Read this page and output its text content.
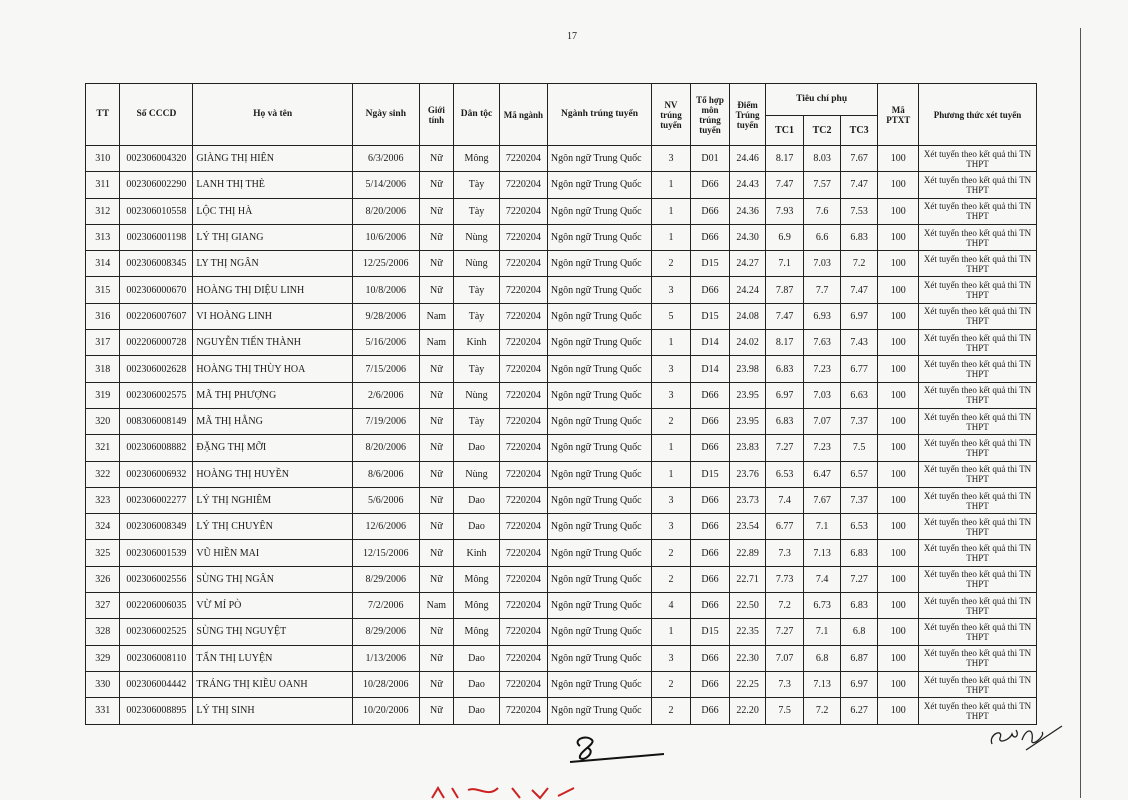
17
TT	Số CCCD	Họ và tên	Ngày sinh	Giới tính	Dân tộc	Mã ngành	Ngành trúng tuyển	NV trúng tuyển	Tổ hợp môn trúng tuyển	Điểm Trúng tuyển	Tiêu chí phụ			Mã PTXT	Phương thức xét tuyển
											TC1	TC2	TC3		
310	002306004320	GIÀNG THỊ HIÊN	6/3/2006	Nữ	Mông	7220204	Ngôn ngữ Trung Quốc	3	D01	24.46	8.17	8.03	7.67	100	Xét tuyển theo kết quả thi TN THPT
311	002306002290	LANH THỊ THÈ	5/14/2006	Nữ	Tày	7220204	Ngôn ngữ Trung Quốc	1	D66	24.43	7.47	7.57	7.47	100	Xét tuyển theo kết quả thi TN THPT
312	002306010558	LỘC THỊ HÀ	8/20/2006	Nữ	Tày	7220204	Ngôn ngữ Trung Quốc	1	D66	24.36	7.93	7.6	7.53	100	Xét tuyển theo kết quả thi TN THPT
313	002306001198	LÝ THỊ GIANG	10/6/2006	Nữ	Nùng	7220204	Ngôn ngữ Trung Quốc	1	D66	24.30	6.9	6.6	6.83	100	Xét tuyển theo kết quả thi TN THPT
314	002306008345	LY THỊ NGÂN	12/25/2006	Nữ	Nùng	7220204	Ngôn ngữ Trung Quốc	2	D15	24.27	7.1	7.03	7.2	100	Xét tuyển theo kết quả thi TN THPT
315	002306000670	HOÀNG THỊ DIỆU LINH	10/8/2006	Nữ	Tày	7220204	Ngôn ngữ Trung Quốc	3	D66	24.24	7.87	7.7	7.47	100	Xét tuyển theo kết quả thi TN THPT
316	002206007607	VI HOÀNG LINH	9/28/2006	Nam	Tày	7220204	Ngôn ngữ Trung Quốc	5	D15	24.08	7.47	6.93	6.97	100	Xét tuyển theo kết quả thi TN THPT
317	002206000728	NGUYỄN TIẾN THÀNH	5/16/2006	Nam	Kinh	7220204	Ngôn ngữ Trung Quốc	1	D14	24.02	8.17	7.63	7.43	100	Xét tuyển theo kết quả thi TN THPT
318	002306002628	HOÀNG THỊ THÙY HOA	7/15/2006	Nữ	Tày	7220204	Ngôn ngữ Trung Quốc	3	D14	23.98	6.83	7.23	6.77	100	Xét tuyển theo kết quả thi TN THPT
319	002306002575	MÃ THỊ PHƯỢNG	2/6/2006	Nữ	Nùng	7220204	Ngôn ngữ Trung Quốc	3	D66	23.95	6.97	7.03	6.63	100	Xét tuyển theo kết quả thi TN THPT
320	008306008149	MÃ THỊ HẰNG	7/19/2006	Nữ	Tày	7220204	Ngôn ngữ Trung Quốc	2	D66	23.95	6.83	7.07	7.37	100	Xét tuyển theo kết quả thi TN THPT
321	002306008882	ĐẶNG THỊ MỠI	8/20/2006	Nữ	Dao	7220204	Ngôn ngữ Trung Quốc	1	D66	23.83	7.27	7.23	7.5	100	Xét tuyển theo kết quả thi TN THPT
322	002306006932	HOÀNG THỊ HUYỀN	8/6/2006	Nữ	Nùng	7220204	Ngôn ngữ Trung Quốc	1	D15	23.76	6.53	6.47	6.57	100	Xét tuyển theo kết quả thi TN THPT
323	002306002277	LÝ THỊ NGHIÊM	5/6/2006	Nữ	Dao	7220204	Ngôn ngữ Trung Quốc	3	D66	23.73	7.4	7.67	7.37	100	Xét tuyển theo kết quả thi TN THPT
324	002306008349	LÝ THỊ CHUYÊN	12/6/2006	Nữ	Dao	7220204	Ngôn ngữ Trung Quốc	3	D66	23.54	6.77	7.1	6.53	100	Xét tuyển theo kết quả thi TN THPT
325	002306001539	VŨ HIỀN MAI	12/15/2006	Nữ	Kinh	7220204	Ngôn ngữ Trung Quốc	2	D66	22.89	7.3	7.13	6.83	100	Xét tuyển theo kết quả thi TN THPT
326	002306002556	SÙNG THỊ NGÂN	8/29/2006	Nữ	Mông	7220204	Ngôn ngữ Trung Quốc	2	D66	22.71	7.73	7.4	7.27	100	Xét tuyển theo kết quả thi TN THPT
327	002206006035	VỪ MÍ PÒ	7/2/2006	Nam	Mông	7220204	Ngôn ngữ Trung Quốc	4	D66	22.50	7.2	6.73	6.83	100	Xét tuyển theo kết quả thi TN THPT
328	002306002525	SÙNG THỊ NGUYỆT	8/29/2006	Nữ	Mông	7220204	Ngôn ngữ Trung Quốc	1	D15	22.35	7.27	7.1	6.8	100	Xét tuyển theo kết quả thi TN THPT
329	002306008110	TẨN THỊ LUYỆN	1/13/2006	Nữ	Dao	7220204	Ngôn ngữ Trung Quốc	3	D66	22.30	7.07	6.8	6.87	100	Xét tuyển theo kết quả thi TN THPT
330	002306004442	TRÁNG THỊ KIỀU OANH	10/28/2006	Nữ	Dao	7220204	Ngôn ngữ Trung Quốc	2	D66	22.25	7.3	7.13	6.97	100	Xét tuyển theo kết quả thi TN THPT
331	002306008895	LÝ THỊ SINH	10/20/2006	Nữ	Dao	7220204	Ngôn ngữ Trung Quốc	2	D66	22.20	7.5	7.2	6.27	100	Xét tuyển theo kết quả thi TN THPT
